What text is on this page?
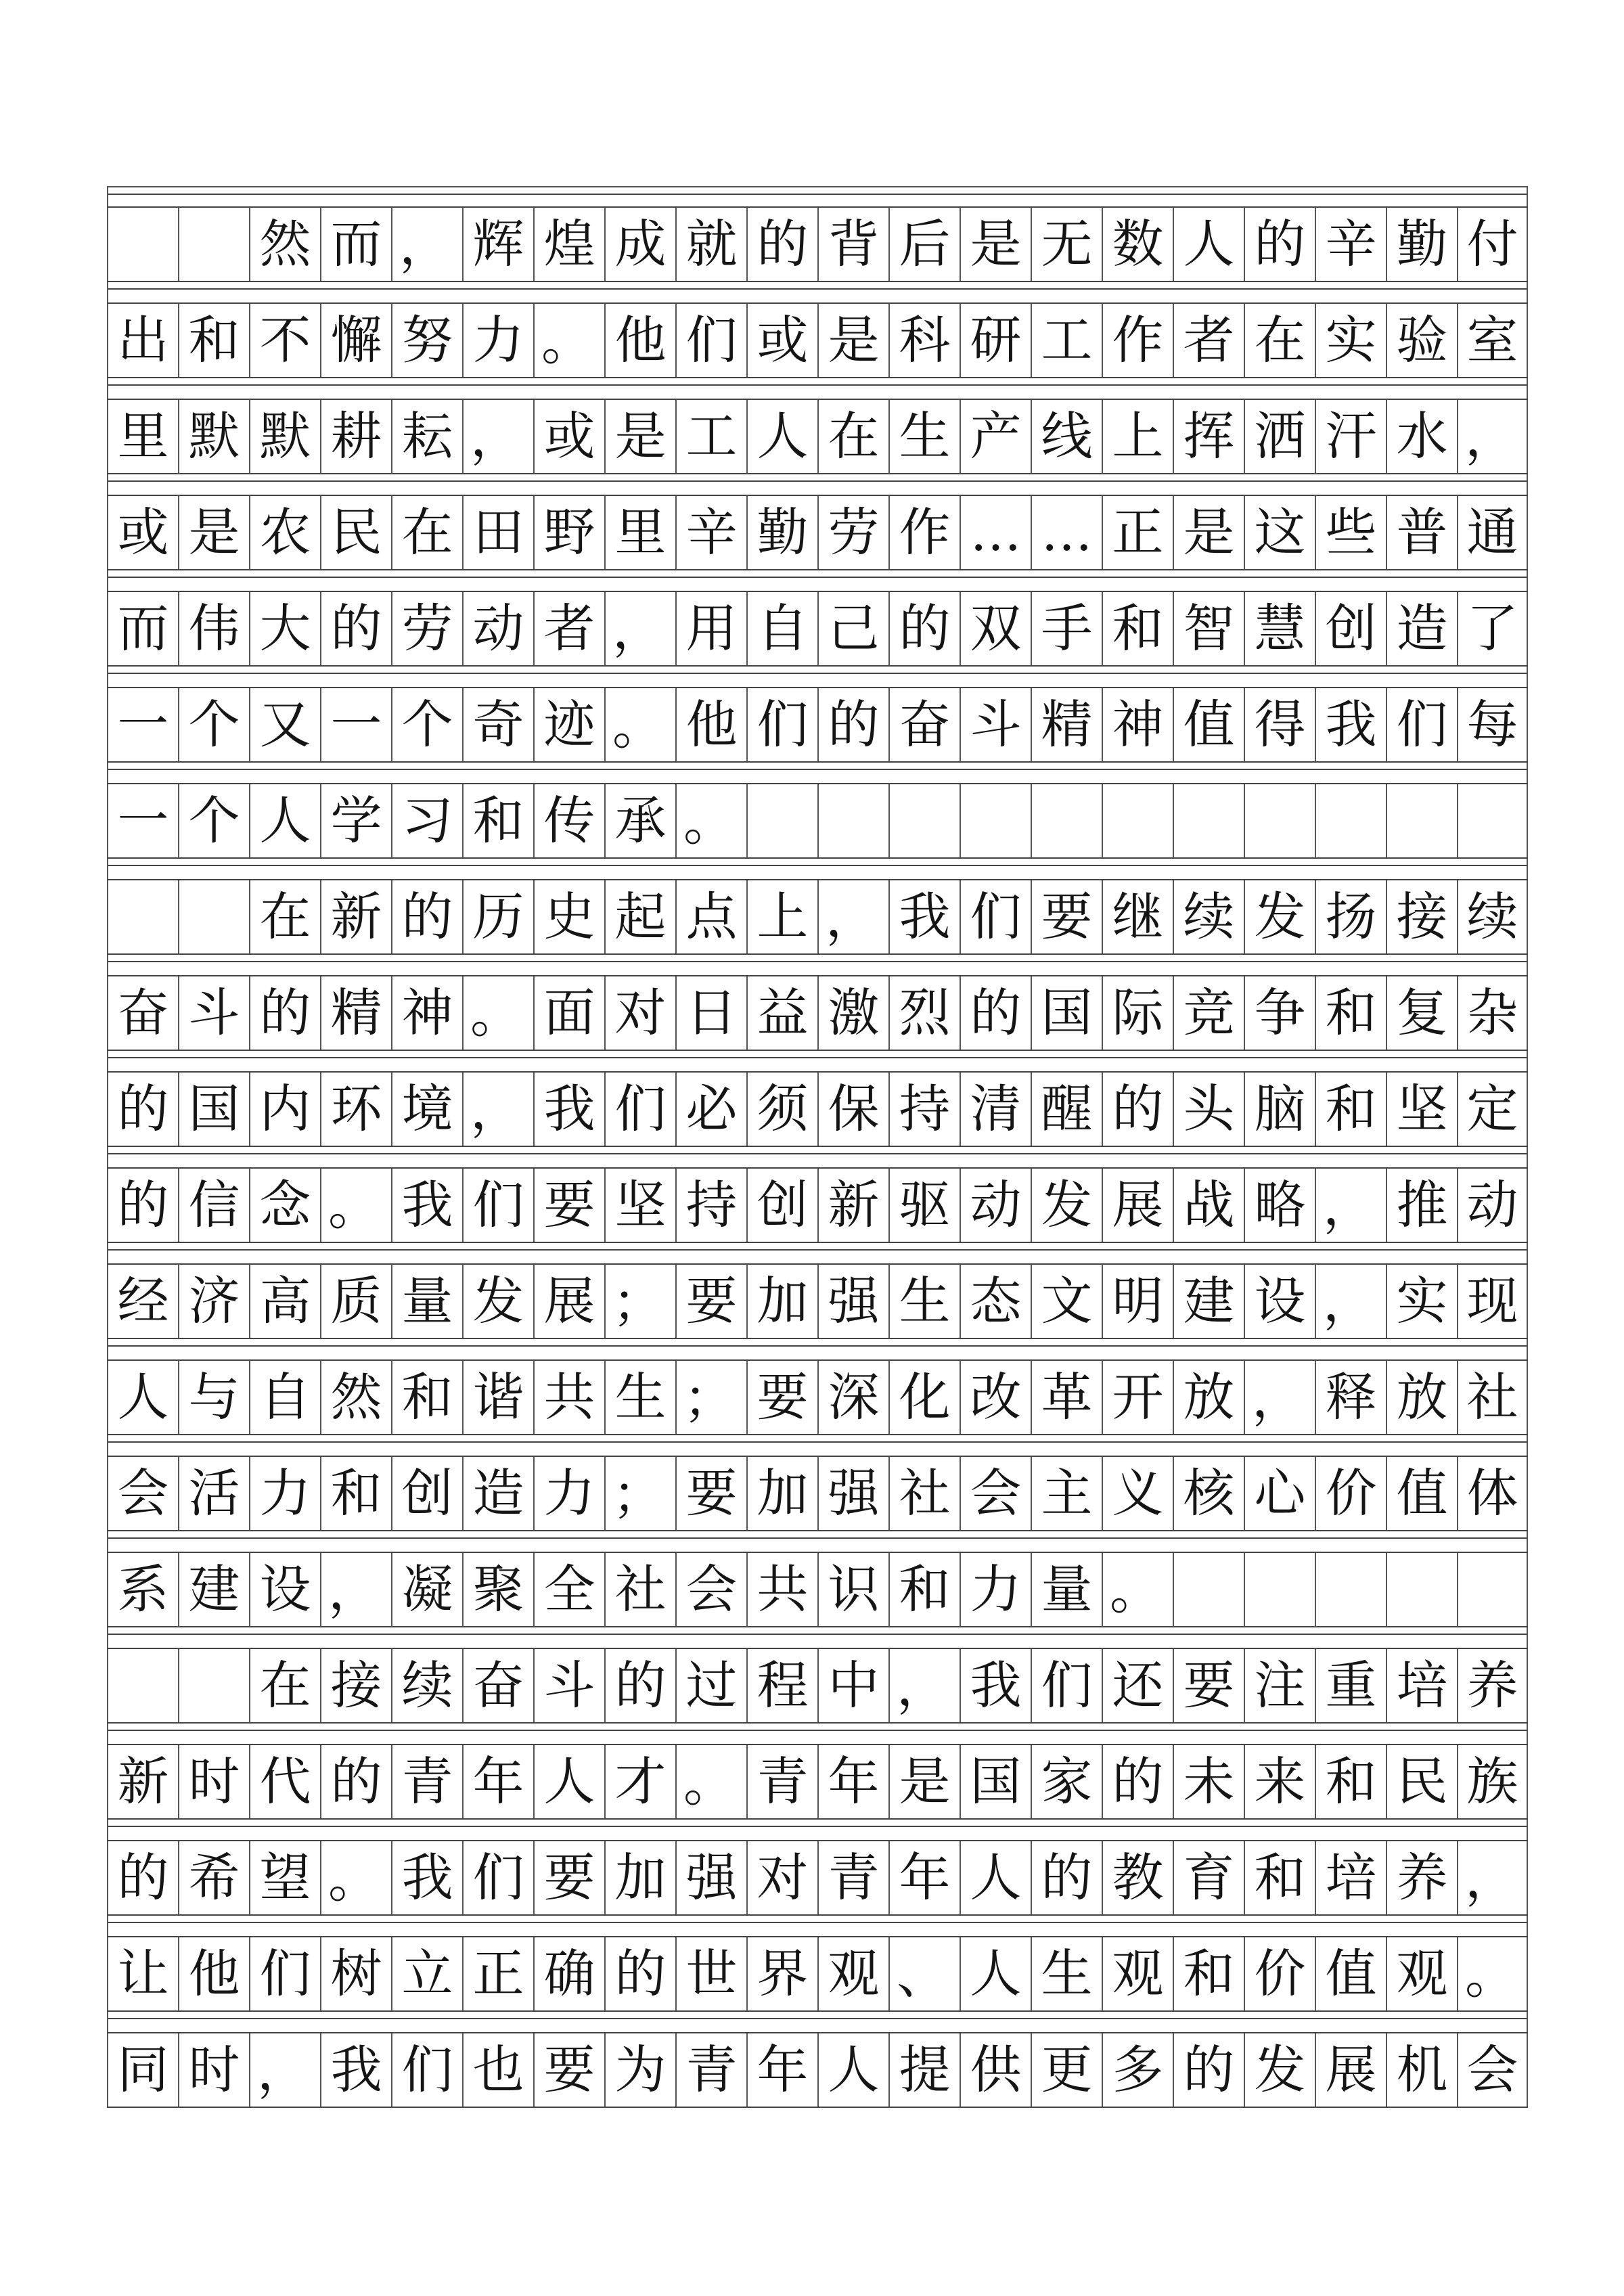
然 而 ， 辉 煌 成 就 的 背 后 是 无 数 人 的 辛 勤 付
出 和 不 懈 努 力 。 他 们 或 是 科 研 工 作 者 在 实 验 室
里 默 默 耕 耘 ， 或 是 工 人 在 生 产 线 上 挥 洒 汗 水 ，
或 是 农 民 在 田 野 里 辛 勤 劳 作 … … 正 是 这 些 普 通
而 伟 大 的 劳 动 者 ， 用 自 己 的 双 手 和 智 慧 创 造 了
一 个 又 一 个 奇 迹 。 他 们 的 奋 斗 精 神 值 得 我 们 每
一 个 人 学 习 和 传 承 。
在 新 的 历 史 起 点 上 ， 我 们 要 继 续 发 扬 接 续
奋 斗 的 精 神 。 面 对 日 益 激 烈 的 国 际 竞 争 和 复 杂
的 国 内 环 境 ， 我 们 必 须 保 持 清 醒 的 头 脑 和 坚 定
的 信 念 。 我 们 要 坚 持 创 新 驱 动 发 展 战 略 ， 推 动
经 济 高 质 量 发 展 ； 要 加 强 生 态 文 明 建 设 ， 实 现
人 与 自 然 和 谐 共 生 ； 要 深 化 改 革 开 放 ， 释 放 社
会 活 力 和 创 造 力 ； 要 加 强 社 会 主 义 核 心 价 值 体
系 建 设 ， 凝 聚 全 社 会 共 识 和 力 量 。
在 接 续 奋 斗 的 过 程 中 ， 我 们 还 要 注 重 培 养
新 时 代 的 青 年 人 才 。 青 年 是 国 家 的 未 来 和 民 族
的 希 望 。 我 们 要 加 强 对 青 年 人 的 教 育 和 培 养 ，
让 他 们 树 立 正 确 的 世 界 观 、 人 生 观 和 价 值 观 。
同 时 ， 我 们 也 要 为 青 年 人 提 供 更 多 的 发 展 机 会
